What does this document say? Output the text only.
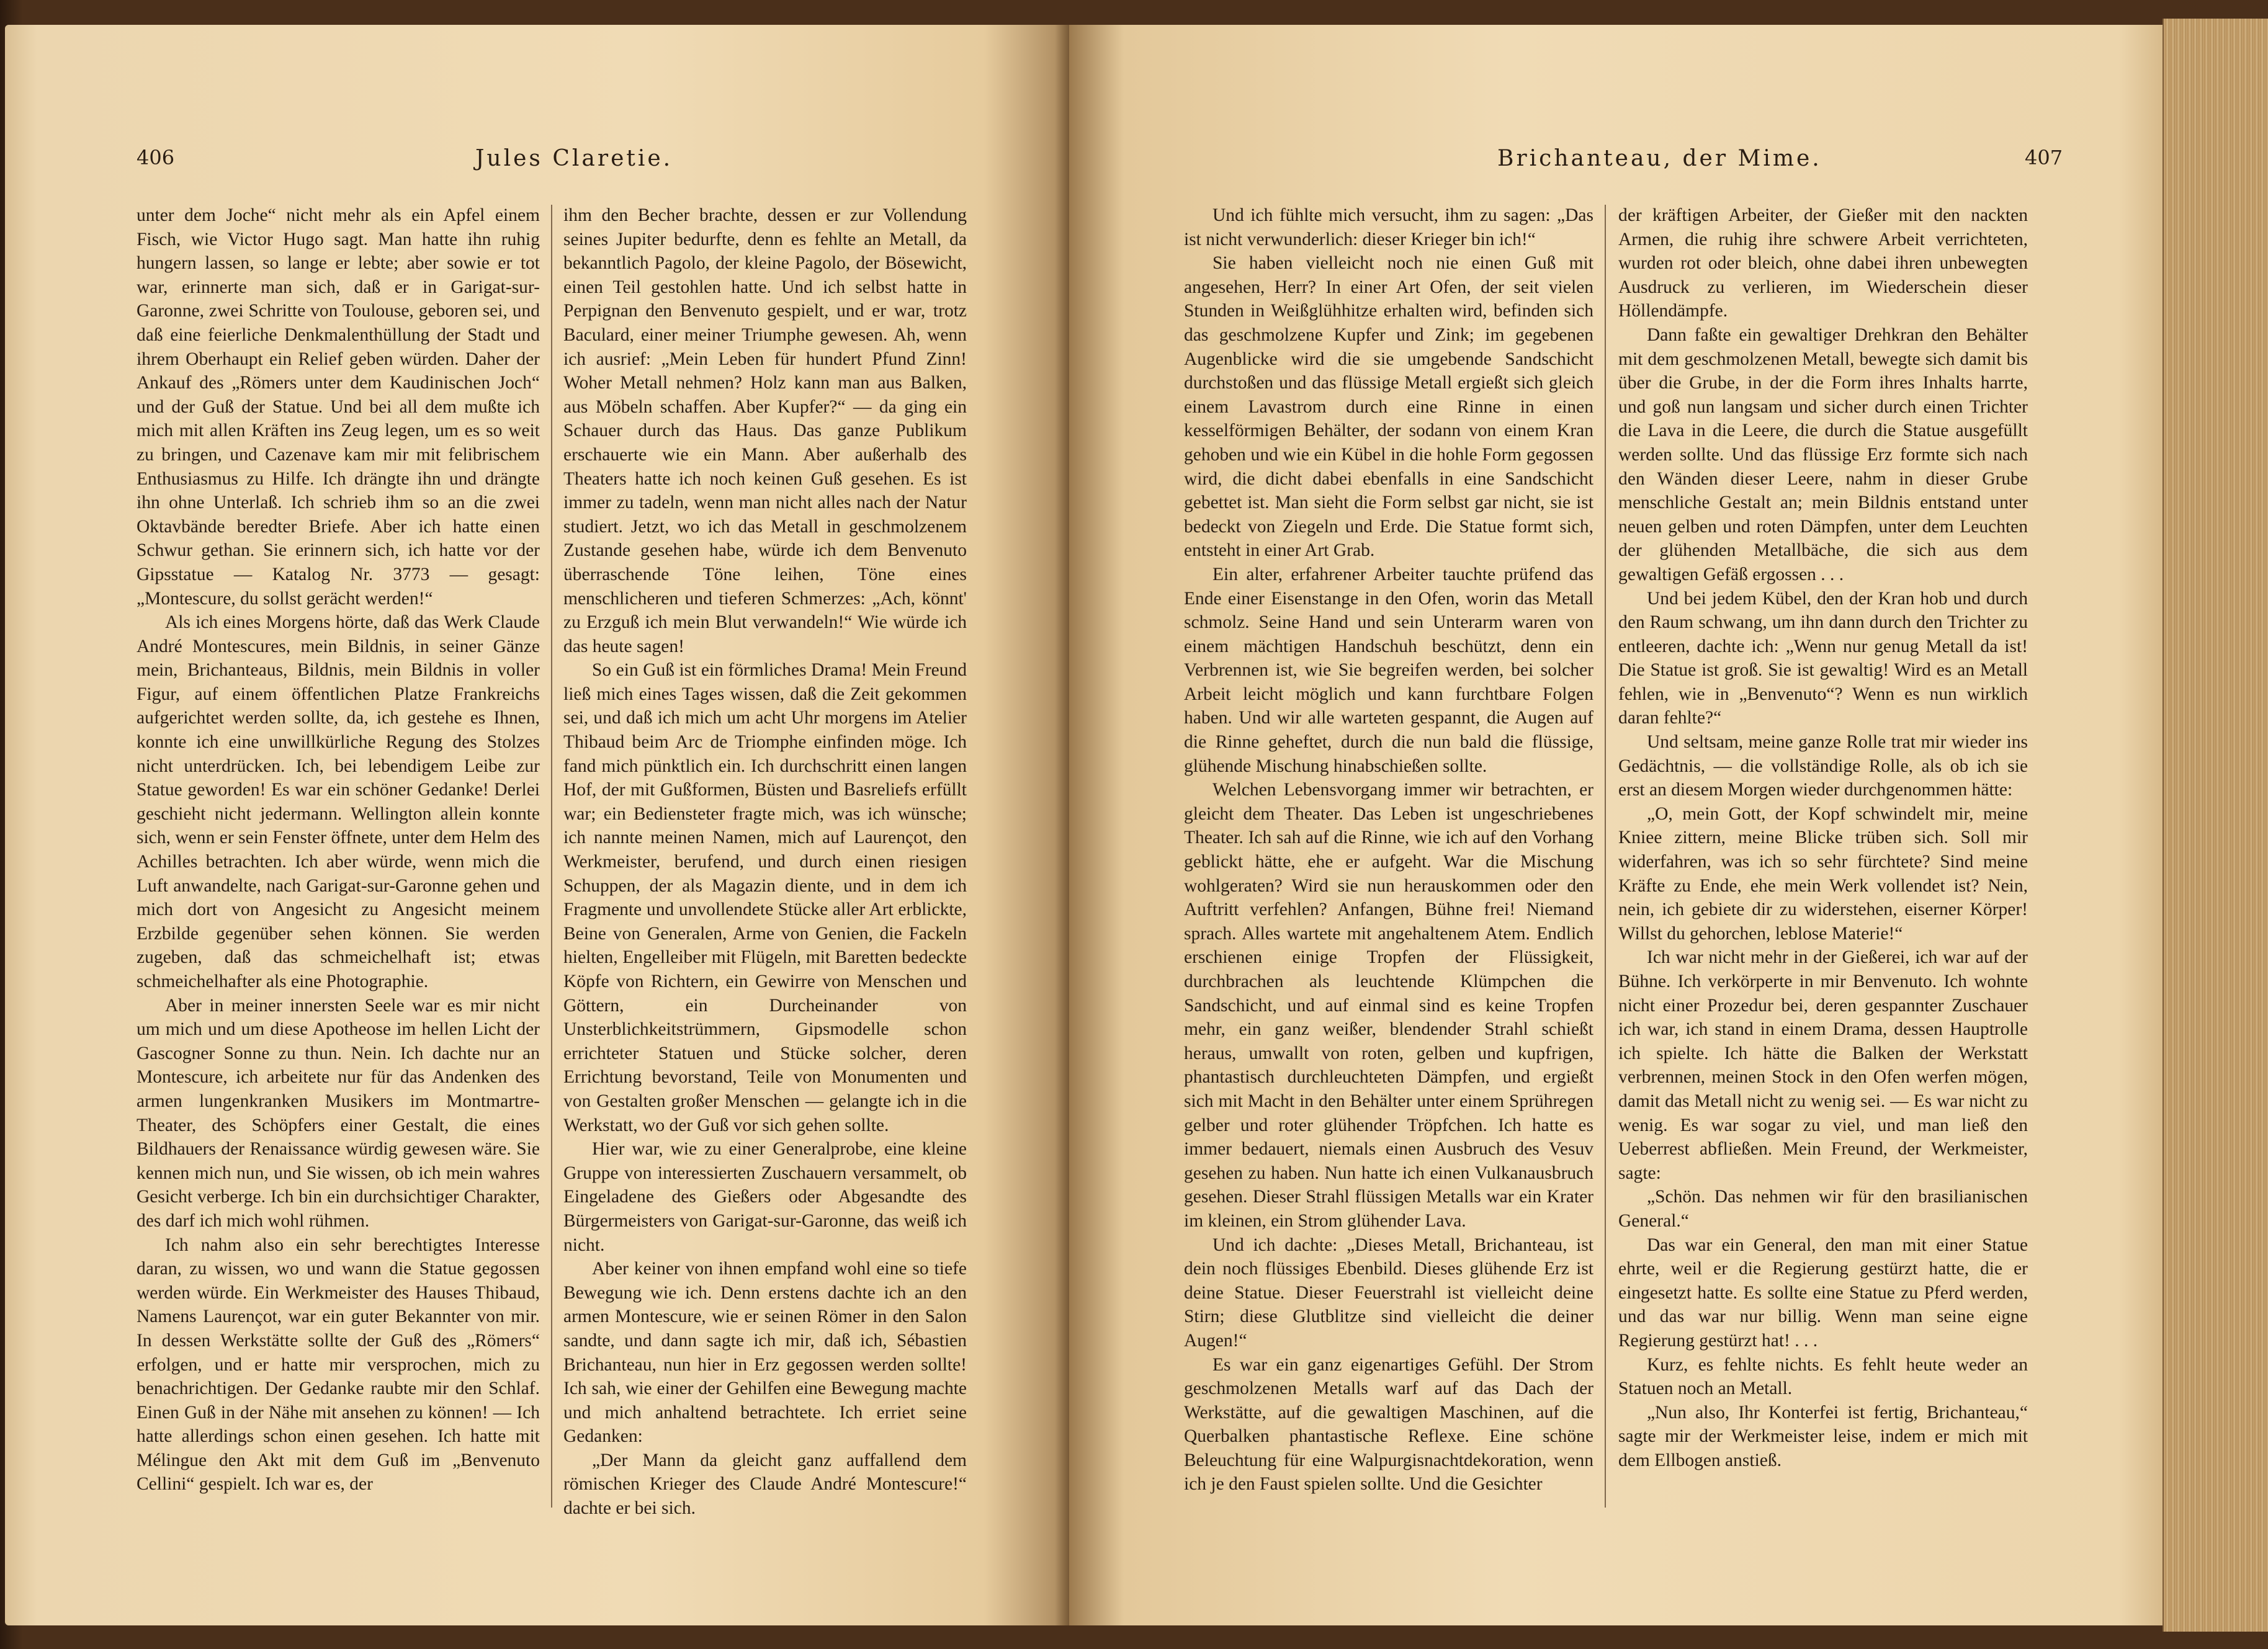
406	Jules Claretie.

unter dem Joche“ nicht mehr als ein Apfel einem Fisch, wie Victor Hugo sagt. Man hatte ihn ruhig hungern lassen, so lange er lebte; aber sowie er tot war, erinnerte man sich, daß er in Garigat-sur-Garonne, zwei Schritte von Toulouse, geboren sei, und daß eine feierliche Denkmalenthüllung der Stadt und ihrem Oberhaupt ein Relief geben würden. Daher der Ankauf des „Römers unter dem Kaudinischen Joch“ und der Guß der Statue. Und bei all dem mußte ich mich mit allen Kräften ins Zeug legen, um es so weit zu bringen, und Cazenave kam mir mit felibrischem Enthusiasmus zu Hilfe. Ich drängte ihn und drängte ihn ohne Unterlaß. Ich schrieb ihm so an die zwei Oktavbände beredter Briefe. Aber ich hatte einen Schwur gethan. Sie erinnern sich, ich hatte vor der Gipsstatue — Katalog Nr. 3773 — gesagt: „Montescure, du sollst gerächt werden!“

Als ich eines Morgens hörte, daß das Werk Claude André Montescures, mein Bildnis, in seiner Gänze mein, Brichanteaus, Bildnis, mein Bildnis in voller Figur, auf einem öffentlichen Platze Frankreichs aufgerichtet werden sollte, da, ich gestehe es Ihnen, konnte ich eine unwillkürliche Regung des Stolzes nicht unterdrücken. Ich, bei lebendigem Leibe zur Statue geworden! Es war ein schöner Gedanke! Derlei geschieht nicht jedermann. Wellington allein konnte sich, wenn er sein Fenster öffnete, unter dem Helm des Achilles betrachten. Ich aber würde, wenn mich die Luft anwandelte, nach Garigat-sur-Garonne gehen und mich dort von Angesicht zu Angesicht meinem Erzbilde gegenüber sehen können. Sie werden zugeben, daß das schmeichelhaft ist; etwas schmeichelhafter als eine Photographie.

Aber in meiner innersten Seele war es mir nicht um mich und um diese Apotheose im hellen Licht der Gascogner Sonne zu thun. Nein. Ich dachte nur an Montescure, ich arbeitete nur für das Andenken des armen lungenkranken Musikers im Montmartre-Theater, des Schöpfers einer Gestalt, die eines Bildhauers der Renaissance würdig gewesen wäre. Sie kennen mich nun, und Sie wissen, ob ich mein wahres Gesicht verberge. Ich bin ein durchsichtiger Charakter, des darf ich mich wohl rühmen.

Ich nahm also ein sehr berechtigtes Interesse daran, zu wissen, wo und wann die Statue gegossen werden würde. Ein Werkmeister des Hauses Thibaud, Namens Laurençot, war ein guter Bekannter von mir. In dessen Werkstätte sollte der Guß des „Römers“ erfolgen, und er hatte mir versprochen, mich zu benachrichtigen. Der Gedanke raubte mir den Schlaf. Einen Guß in der Nähe mit ansehen zu können! — Ich hatte allerdings schon einen gesehen. Ich hatte mit Mélingue den Akt mit dem Guß im „Benvenuto Cellini“ gespielt. Ich war es, der

ihm den Becher brachte, dessen er zur Vollendung seines Jupiter bedurfte, denn es fehlte an Metall, da bekanntlich Pagolo, der kleine Pagolo, der Bösewicht, einen Teil gestohlen hatte. Und ich selbst hatte in Perpignan den Benvenuto gespielt, und er war, trotz Baculard, einer meiner Triumphe gewesen. Ah, wenn ich ausrief: „Mein Leben für hundert Pfund Zinn! Woher Metall nehmen? Holz kann man aus Balken, aus Möbeln schaffen. Aber Kupfer?“ — da ging ein Schauer durch das Haus. Das ganze Publikum erschauerte wie ein Mann. Aber außerhalb des Theaters hatte ich noch keinen Guß gesehen. Es ist immer zu tadeln, wenn man nicht alles nach der Natur studiert. Jetzt, wo ich das Metall in geschmolzenem Zustande gesehen habe, würde ich dem Benvenuto überraschende Töne leihen, Töne eines menschlicheren und tieferen Schmerzes: „Ach, könnt' zu Erzguß ich mein Blut verwandeln!“ Wie würde ich das heute sagen!

So ein Guß ist ein förmliches Drama! Mein Freund ließ mich eines Tages wissen, daß die Zeit gekommen sei, und daß ich mich um acht Uhr morgens im Atelier Thibaud beim Arc de Triomphe einfinden möge. Ich fand mich pünktlich ein. Ich durchschritt einen langen Hof, der mit Gußformen, Büsten und Basreliefs erfüllt war; ein Bediensteter fragte mich, was ich wünsche; ich nannte meinen Namen, mich auf Laurençot, den Werkmeister, berufend, und durch einen riesigen Schuppen, der als Magazin diente, und in dem ich Fragmente und unvollendete Stücke aller Art erblickte, Beine von Generalen, Arme von Genien, die Fackeln hielten, Engelleiber mit Flügeln, mit Baretten bedeckte Köpfe von Richtern, ein Gewirre von Menschen und Göttern, ein Durcheinander von Unsterblichkeitstrümmern, Gipsmodelle schon errichteter Statuen und Stücke solcher, deren Errichtung bevorstand, Teile von Monumenten und von Gestalten großer Menschen — gelangte ich in die Werkstatt, wo der Guß vor sich gehen sollte.

Hier war, wie zu einer Generalprobe, eine kleine Gruppe von interessierten Zuschauern versammelt, ob Eingeladene des Gießers oder Abgesandte des Bürgermeisters von Garigat-sur-Garonne, das weiß ich nicht.

Aber keiner von ihnen empfand wohl eine so tiefe Bewegung wie ich. Denn erstens dachte ich an den armen Montescure, wie er seinen Römer in den Salon sandte, und dann sagte ich mir, daß ich, Sébastien Brichanteau, nun hier in Erz gegossen werden sollte! Ich sah, wie einer der Gehilfen eine Bewegung machte und mich anhaltend betrachtete. Ich erriet seine Gedanken:

„Der Mann da gleicht ganz auffallend dem römischen Krieger des Claude André Montescure!“ dachte er bei sich.

Brichanteau, der Mime.	407

Und ich fühlte mich versucht, ihm zu sagen: „Das ist nicht verwunderlich: dieser Krieger bin ich!“

Sie haben vielleicht noch nie einen Guß mit angesehen, Herr? In einer Art Ofen, der seit vielen Stunden in Weißglühhitze erhalten wird, befinden sich das geschmolzene Kupfer und Zink; im gegebenen Augenblicke wird die sie umgebende Sandschicht durchstoßen und das flüssige Metall ergießt sich gleich einem Lavastrom durch eine Rinne in einen kesselförmigen Behälter, der sodann von einem Kran gehoben und wie ein Kübel in die hohle Form gegossen wird, die dicht dabei ebenfalls in eine Sandschicht gebettet ist. Man sieht die Form selbst gar nicht, sie ist bedeckt von Ziegeln und Erde. Die Statue formt sich, entsteht in einer Art Grab.

Ein alter, erfahrener Arbeiter tauchte prüfend das Ende einer Eisenstange in den Ofen, worin das Metall schmolz. Seine Hand und sein Unterarm waren von einem mächtigen Handschuh beschützt, denn ein Verbrennen ist, wie Sie begreifen werden, bei solcher Arbeit leicht möglich und kann furchtbare Folgen haben. Und wir alle warteten gespannt, die Augen auf die Rinne geheftet, durch die nun bald die flüssige, glühende Mischung hinabschießen sollte.

Welchen Lebensvorgang immer wir betrachten, er gleicht dem Theater. Das Leben ist ungeschriebenes Theater. Ich sah auf die Rinne, wie ich auf den Vorhang geblickt hätte, ehe er aufgeht. War die Mischung wohlgeraten? Wird sie nun herauskommen oder den Auftritt verfehlen? Anfangen, Bühne frei! Niemand sprach. Alles wartete mit angehaltenem Atem. Endlich erschienen einige Tropfen der Flüssigkeit, durchbrachen als leuchtende Klümpchen die Sandschicht, und auf einmal sind es keine Tropfen mehr, ein ganz weißer, blendender Strahl schießt heraus, umwallt von roten, gelben und kupfrigen, phantastisch durchleuchteten Dämpfen, und ergießt sich mit Macht in den Behälter unter einem Sprühregen gelber und roter glühender Tröpfchen. Ich hatte es immer bedauert, niemals einen Ausbruch des Vesuv gesehen zu haben. Nun hatte ich einen Vulkanausbruch gesehen. Dieser Strahl flüssigen Metalls war ein Krater im kleinen, ein Strom glühender Lava.

Und ich dachte: „Dieses Metall, Brichanteau, ist dein noch flüssiges Ebenbild. Dieses glühende Erz ist deine Statue. Dieser Feuerstrahl ist vielleicht deine Stirn; diese Glutblitze sind vielleicht die deiner Augen!“

Es war ein ganz eigenartiges Gefühl. Der Strom geschmolzenen Metalls warf auf das Dach der Werkstätte, auf die gewaltigen Maschinen, auf die Querbalken phantastische Reflexe. Eine schöne Beleuchtung für eine Walpurgisnachtdekoration, wenn ich je den Faust spielen sollte. Und die Gesichter

der kräftigen Arbeiter, der Gießer mit den nackten Armen, die ruhig ihre schwere Arbeit verrichteten, wurden rot oder bleich, ohne dabei ihren unbewegten Ausdruck zu verlieren, im Wiederschein dieser Höllendämpfe.

Dann faßte ein gewaltiger Drehkran den Behälter mit dem geschmolzenen Metall, bewegte sich damit bis über die Grube, in der die Form ihres Inhalts harrte, und goß nun langsam und sicher durch einen Trichter die Lava in die Leere, die durch die Statue ausgefüllt werden sollte. Und das flüssige Erz formte sich nach den Wänden dieser Leere, nahm in dieser Grube menschliche Gestalt an; mein Bildnis entstand unter neuen gelben und roten Dämpfen, unter dem Leuchten der glühenden Metallbäche, die sich aus dem gewaltigen Gefäß ergossen . . .

Und bei jedem Kübel, den der Kran hob und durch den Raum schwang, um ihn dann durch den Trichter zu entleeren, dachte ich: „Wenn nur genug Metall da ist! Die Statue ist groß. Sie ist gewaltig! Wird es an Metall fehlen, wie in „Benvenuto“? Wenn es nun wirklich daran fehlte?“

Und seltsam, meine ganze Rolle trat mir wieder ins Gedächtnis, — die vollständige Rolle, als ob ich sie erst an diesem Morgen wieder durchgenommen hätte:

„O, mein Gott, der Kopf schwindelt mir, meine Kniee zittern, meine Blicke trüben sich. Soll mir widerfahren, was ich so sehr fürchtete? Sind meine Kräfte zu Ende, ehe mein Werk vollendet ist? Nein, nein, ich gebiete dir zu widerstehen, eiserner Körper! Willst du gehorchen, leblose Materie!“

Ich war nicht mehr in der Gießerei, ich war auf der Bühne. Ich verkörperte in mir Benvenuto. Ich wohnte nicht einer Prozedur bei, deren gespannter Zuschauer ich war, ich stand in einem Drama, dessen Hauptrolle ich spielte. Ich hätte die Balken der Werkstatt verbrennen, meinen Stock in den Ofen werfen mögen, damit das Metall nicht zu wenig sei. — Es war nicht zu wenig. Es war sogar zu viel, und man ließ den Ueberrest abfließen. Mein Freund, der Werkmeister, sagte:

„Schön. Das nehmen wir für den brasilianischen General.“

Das war ein General, den man mit einer Statue ehrte, weil er die Regierung gestürzt hatte, die er eingesetzt hatte. Es sollte eine Statue zu Pferd werden, und das war nur billig. Wenn man seine eigne Regierung gestürzt hat! . . .

Kurz, es fehlte nichts. Es fehlt heute weder an Statuen noch an Metall.

„Nun also, Ihr Konterfei ist fertig, Brichanteau,“ sagte mir der Werkmeister leise, indem er mich mit dem Ellbogen anstieß.
